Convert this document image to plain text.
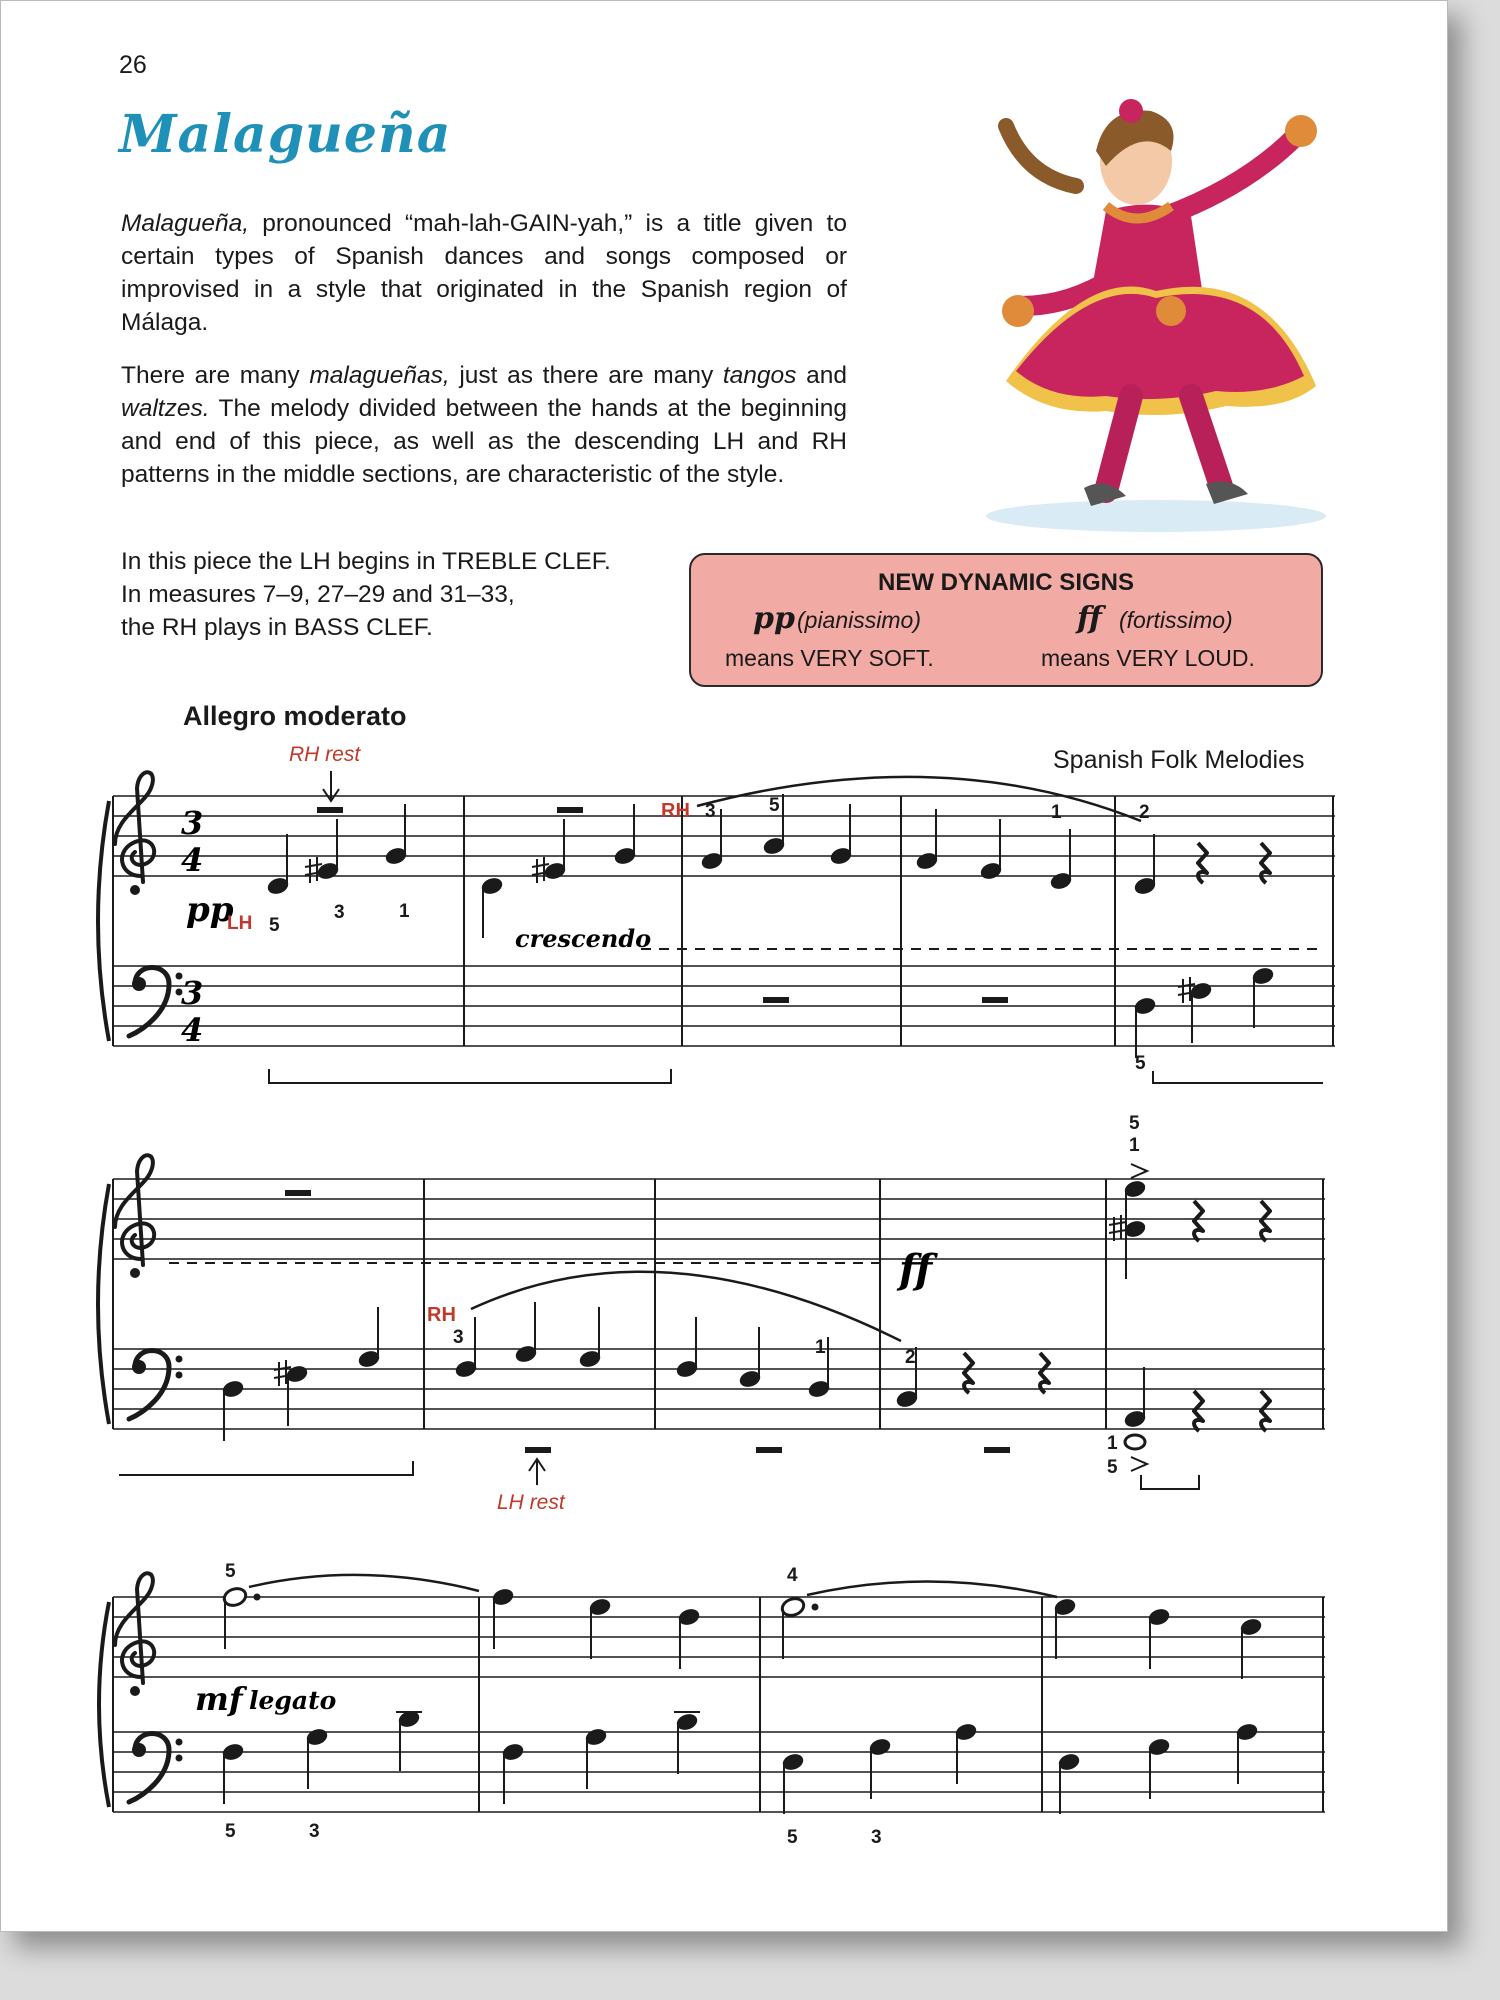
26
Malagueña
Malagueña, pronounced “mah-lah-GAIN-yah,” is a title given to certain types of Spanish dances and songs composed or improvised in a style that originated in the Spanish region of Málaga.
There are many malagueñas, just as there are many tangos and waltzes. The melody divided between the hands at the beginning and end of this piece, as well as the descending LH and RH patterns in the middle sections, are characteristic of the style.
In this piece the LH begins in TREBLE CLEF.
In measures 7–9, 27–29 and 31–33,
the RH plays in BASS CLEF.
NEW DYNAMIC SIGNS
pp (pianissimo)
means VERY SOFT.
ff (fortissimo)
means VERY LOUD.
Allegro moderato
Spanish Folk Melodies
3
4
3
4
5
3	1
3	5	1	2
5
pp
LH
RH
RH rest
crescendo
5
1
3	1	2
1
5
RH
LH rest
ff
5	4
5	3	5	3
mf legato
